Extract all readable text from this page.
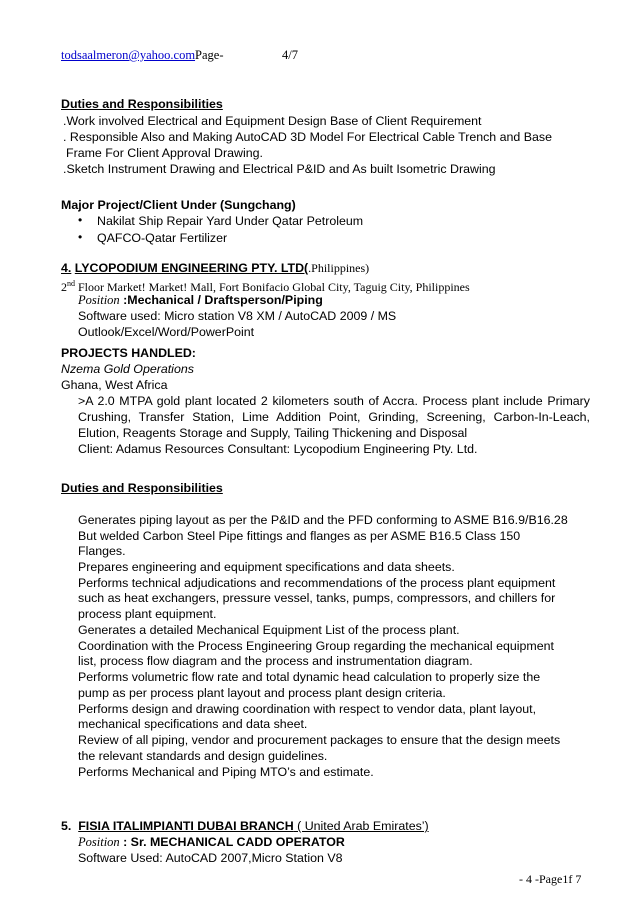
todsaalmeron@yahoo.comPage-	4/7
Duties and Responsibilities
.Work involved Electrical and Equipment Design Base of Client Requirement
. Responsible Also and Making AutoCAD 3D Model For Electrical Cable Trench and Base
Frame For Client Approval Drawing.
.Sketch Instrument Drawing and Electrical P&ID and As built Isometric Drawing
Major Project/Client Under (Sungchang)
• Nakilat Ship Repair Yard Under Qatar Petroleum
• QAFCO-Qatar Fertilizer
4. LYCOPODIUM ENGINEERING PTY. LTD(.Philippines)
2nd Floor Market! Market! Mall, Fort Bonifacio Global City, Taguig City, Philippines
Position :Mechanical / Draftsperson/Piping
Software used: Micro station V8 XM / AutoCAD 2009 / MS
Outlook/Excel/Word/PowerPoint
PROJECTS HANDLED:
Nzema Gold Operations
Ghana, West Africa
>A 2.0 MTPA gold plant located 2 kilometers south of Accra. Process plant include Primary Crushing, Transfer Station, Lime Addition Point, Grinding, Screening, Carbon-In-Leach, Elution, Reagents Storage and Supply, Tailing Thickening and Disposal
Client: Adamus Resources Consultant: Lycopodium Engineering Pty. Ltd.
Duties and Responsibilities
Generates piping layout as per the P&ID and the PFD conforming to ASME B16.9/B16.28
But welded Carbon Steel Pipe fittings and flanges as per ASME B16.5 Class 150
Flanges.
Prepares engineering and equipment specifications and data sheets.
Performs technical adjudications and recommendations of the process plant equipment
such as heat exchangers, pressure vessel, tanks, pumps, compressors, and chillers for
process plant equipment.
Generates a detailed Mechanical Equipment List of the process plant.
Coordination with the Process Engineering Group regarding the mechanical equipment
list, process flow diagram and the process and instrumentation diagram.
Performs volumetric flow rate and total dynamic head calculation to properly size the
pump as per process plant layout and process plant design criteria.
Performs design and drawing coordination with respect to vendor data, plant layout,
mechanical specifications and data sheet.
Review of all piping, vendor and procurement packages to ensure that the design meets
the relevant standards and design guidelines.
Performs Mechanical and Piping MTO’s and estimate.
5. FISIA ITALIMPIANTI DUBAI BRANCH ( United Arab Emirates’)
Position : Sr. MECHANICAL CADD OPERATOR
Software Used: AutoCAD 2007,Micro Station V8
- 4 -Page1f 7
